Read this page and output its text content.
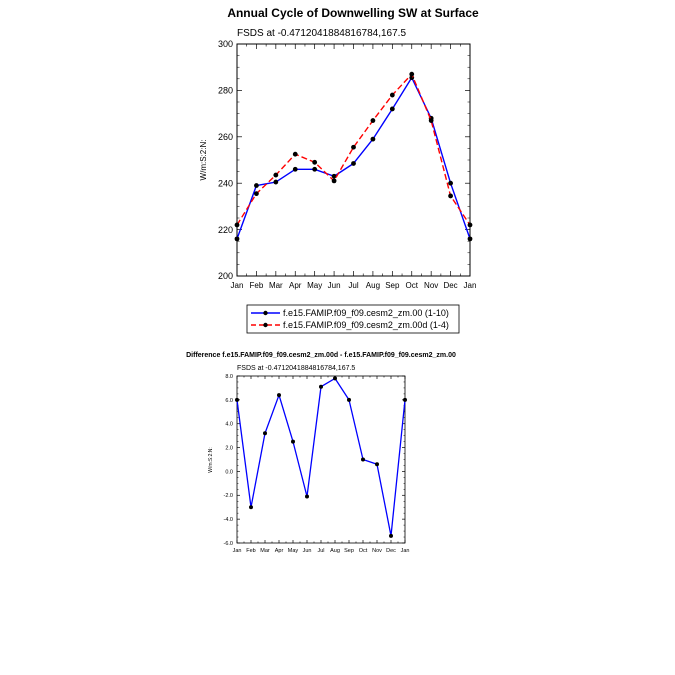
Annual Cycle of Downwelling SW at Surface
FSDS at -0.4712041884816784,167.5
W/m:S:2:N:
Jan Feb Mar Apr May Jun Jul Aug Sep Oct Nov Dec Jan
200
220
240
260
280
300
f.e15.FAMIP.f09_f09.cesm2_zm.00 (1-10)
f.e15.FAMIP.f09_f09.cesm2_zm.00d (1-4)
Difference f.e15.FAMIP.f09_f09.cesm2_zm.00d - f.e15.FAMIP.f09_f09.cesm2_zm.00
FSDS at -0.4712041884816784,167.5
W/m:S:2:N:
Jan Feb Mar Apr May Jun Jul Aug Sep Oct Nov Dec Jan
-6.0
-4.0
-2.0
0.0
2.0
4.0
6.0
8.0
